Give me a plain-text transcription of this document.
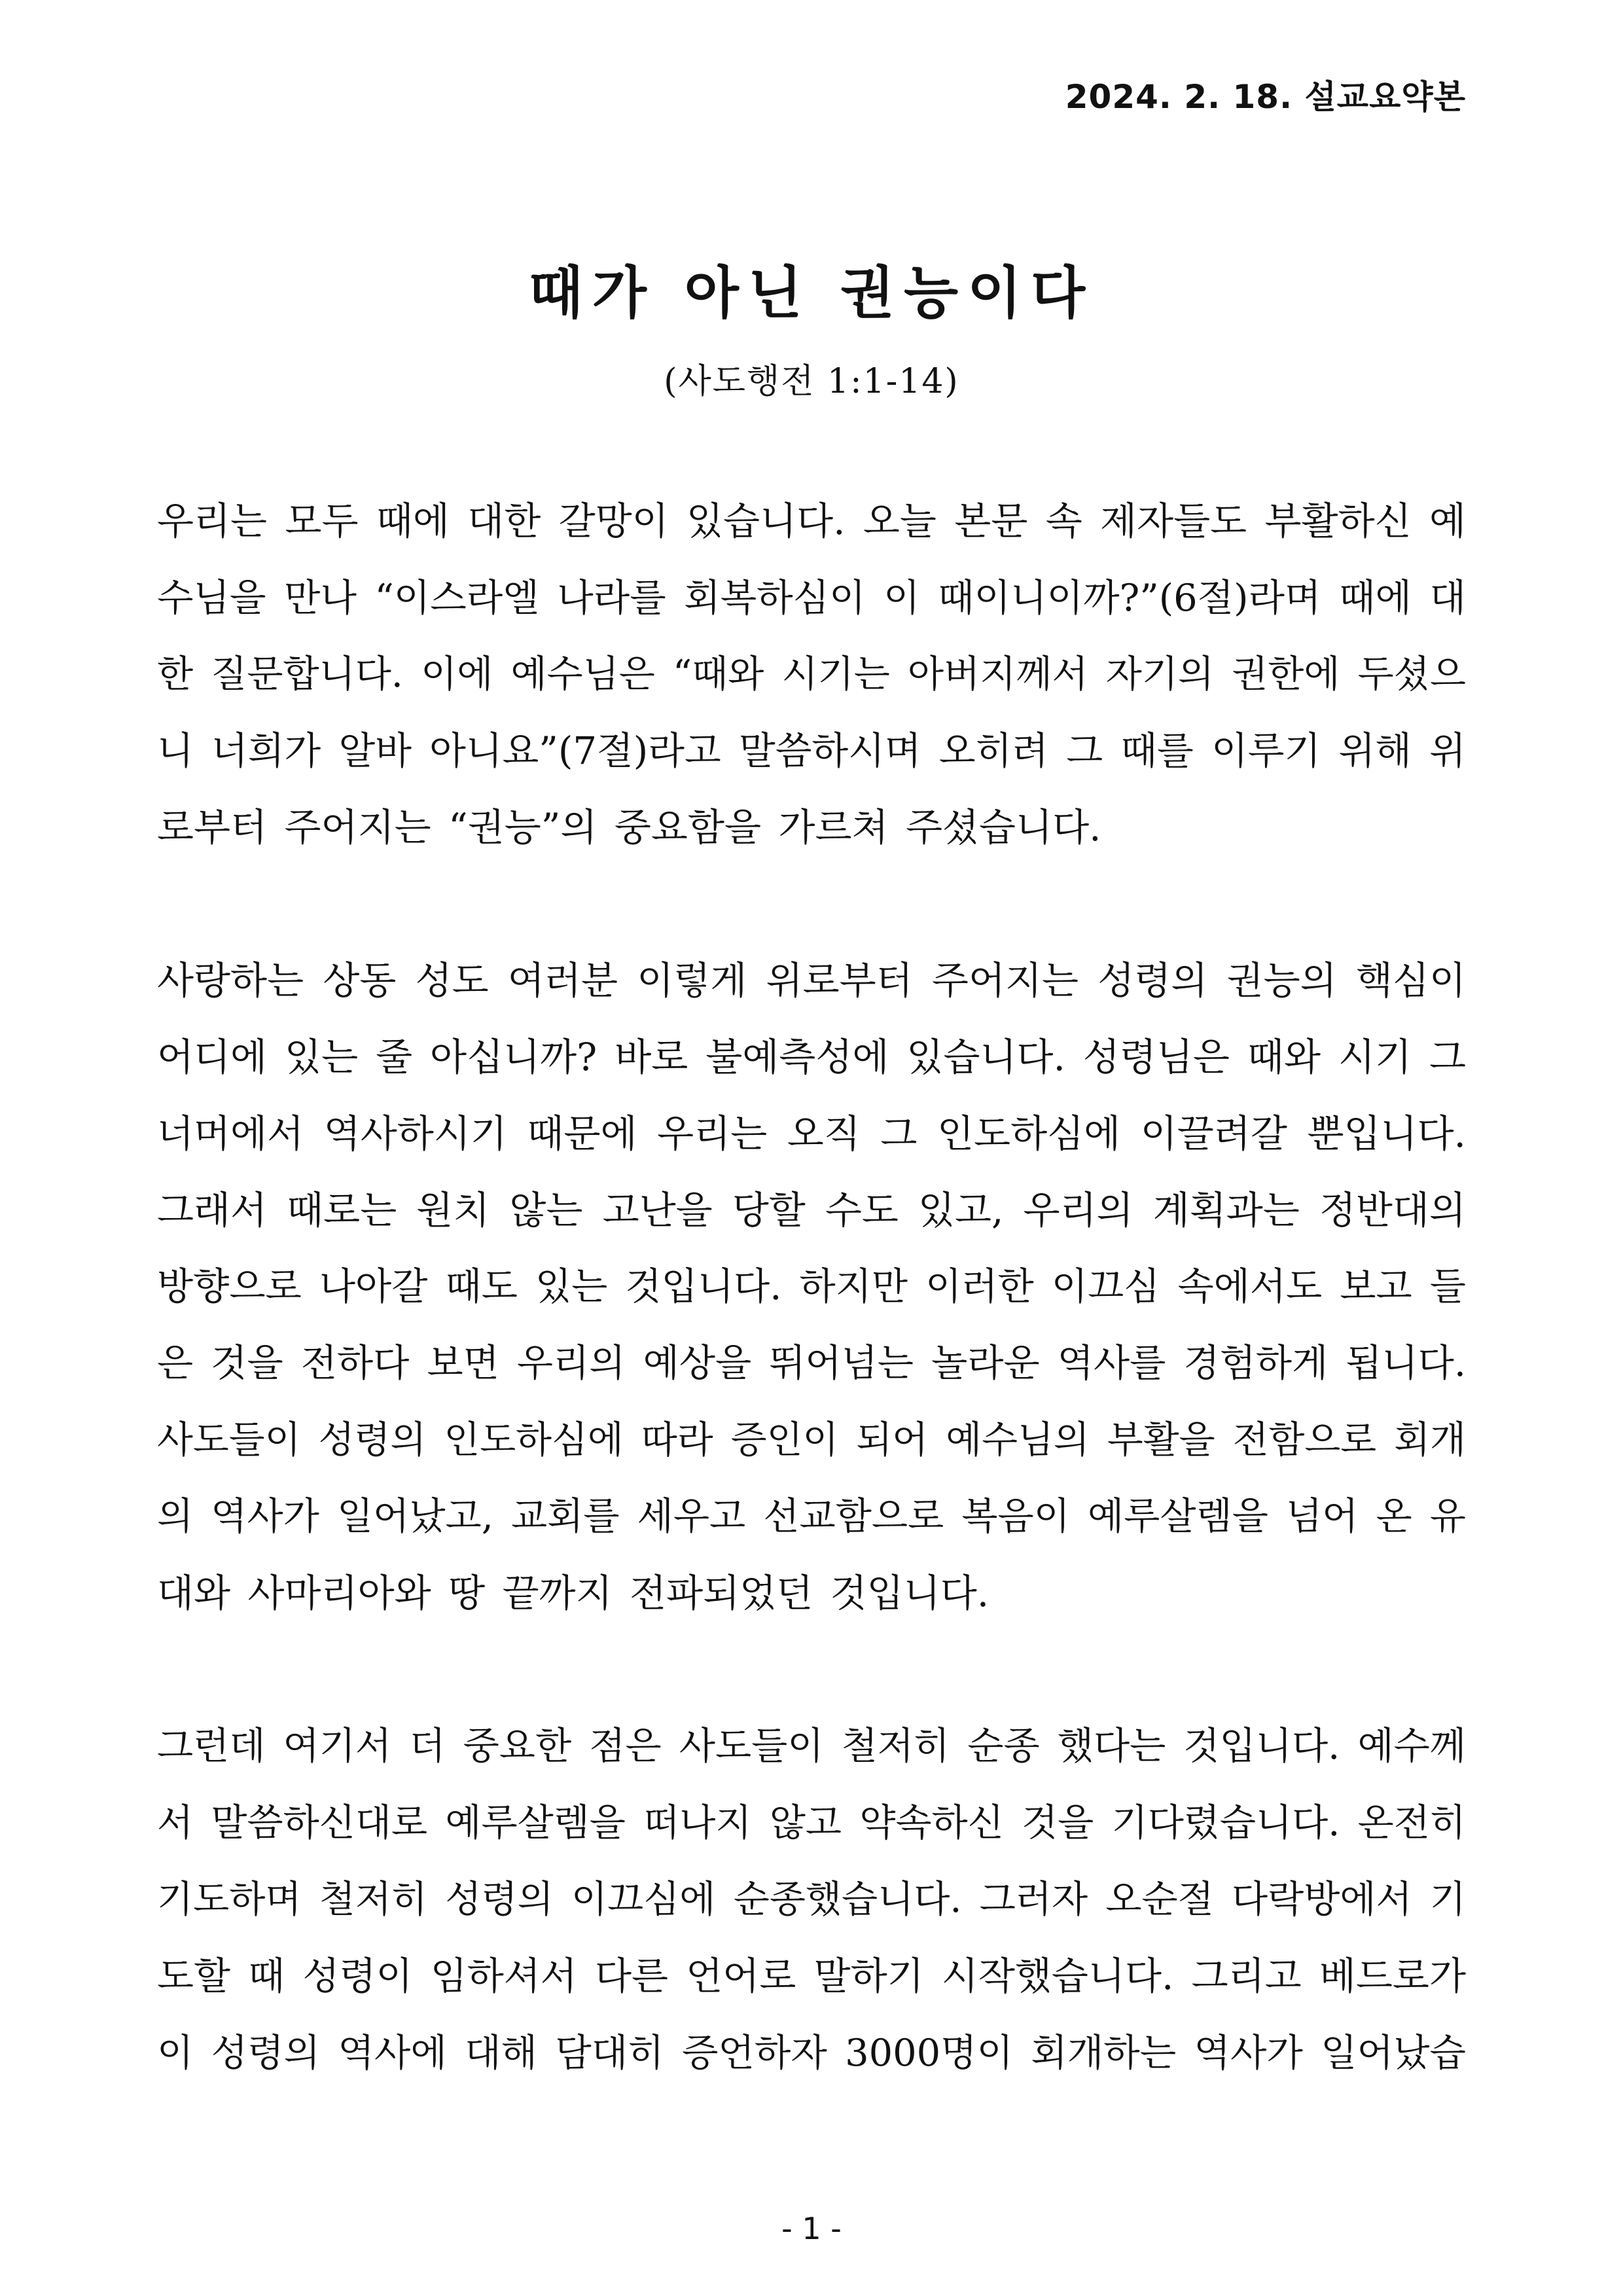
2024. 2. 18. 설교요약본
때가 아닌 권능이다
(사도행전 1:1-14)
우리는 모두 때에 대한 갈망이 있습니다. 오늘 본문 속 제자들도 부활하신 예
수님을 만나 “이스라엘 나라를 회복하심이 이 때이니이까?”(6절)라며 때에 대
한 질문합니다. 이에 예수님은 “때와 시기는 아버지께서 자기의 권한에 두셨으
니 너희가 알바 아니요”(7절)라고 말씀하시며 오히려 그 때를 이루기 위해 위
로부터 주어지는 “권능”의 중요함을 가르쳐 주셨습니다.
사랑하는 상동 성도 여러분 이렇게 위로부터 주어지는 성령의 권능의 핵심이
어디에 있는 줄 아십니까? 바로 불예측성에 있습니다. 성령님은 때와 시기 그
너머에서 역사하시기 때문에 우리는 오직 그 인도하심에 이끌려갈 뿐입니다.
그래서 때로는 원치 않는 고난을 당할 수도 있고, 우리의 계획과는 정반대의
방향으로 나아갈 때도 있는 것입니다. 하지만 이러한 이끄심 속에서도 보고 들
은 것을 전하다 보면 우리의 예상을 뛰어넘는 놀라운 역사를 경험하게 됩니다.
사도들이 성령의 인도하심에 따라 증인이 되어 예수님의 부활을 전함으로 회개
의 역사가 일어났고, 교회를 세우고 선교함으로 복음이 예루살렘을 넘어 온 유
대와 사마리아와 땅 끝까지 전파되었던 것입니다.
그런데 여기서 더 중요한 점은 사도들이 철저히 순종 했다는 것입니다. 예수께
서 말씀하신대로 예루살렘을 떠나지 않고 약속하신 것을 기다렸습니다. 온전히
기도하며 철저히 성령의 이끄심에 순종했습니다. 그러자 오순절 다락방에서 기
도할 때 성령이 임하셔서 다른 언어로 말하기 시작했습니다. 그리고 베드로가
이 성령의 역사에 대해 담대히 증언하자 3000명이 회개하는 역사가 일어났습
- 1 -
